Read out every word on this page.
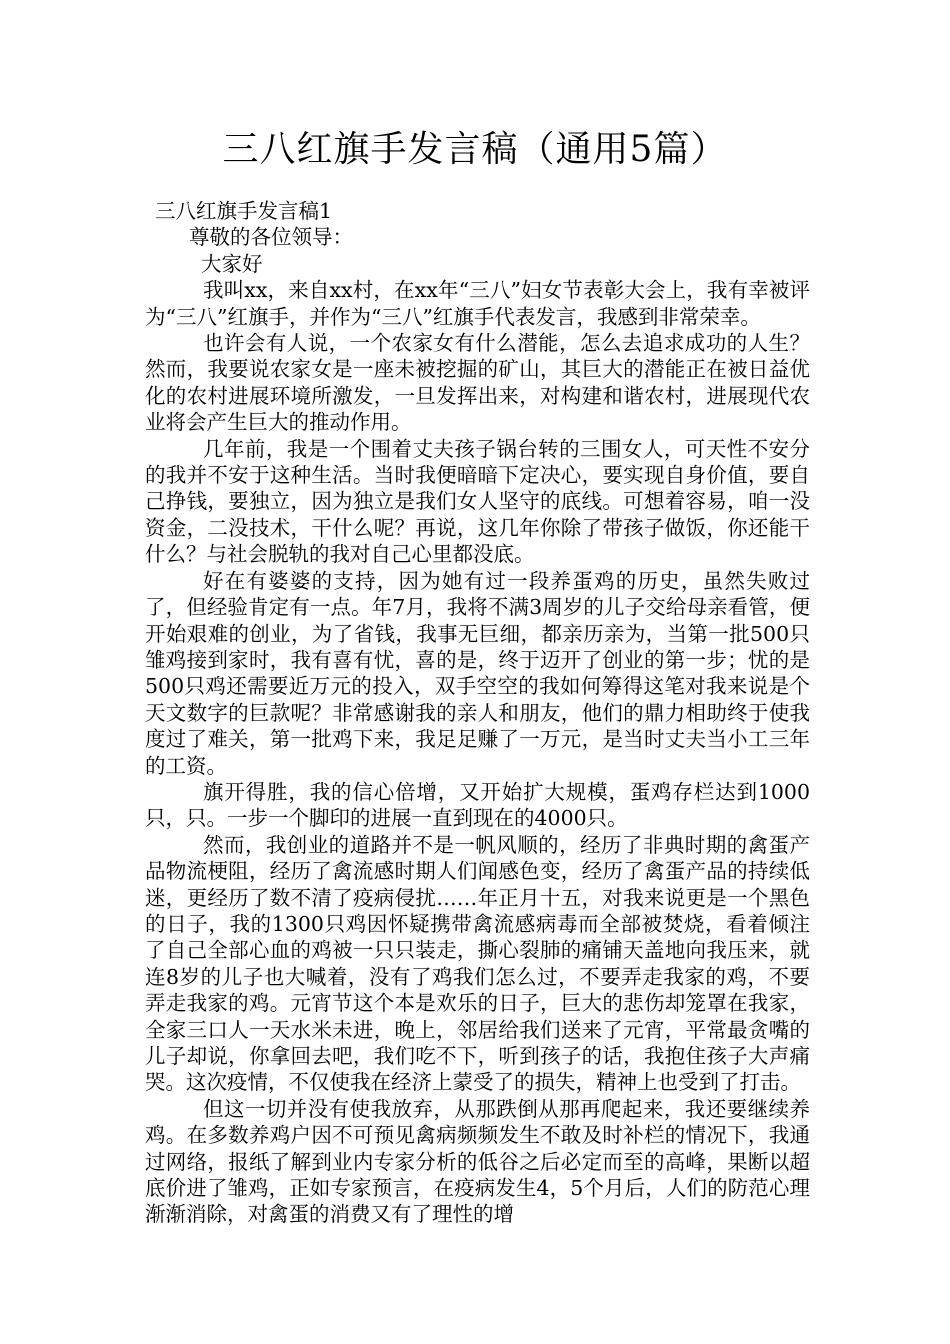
三八红旗手发言稿（通用5篇）

三八红旗手发言稿1

尊敬的各位领导：

大家好

我叫xx，来自xx村，在xx年“三八”妇女节表彰大会上，我有幸被评为“三八”红旗手，并作为“三八”红旗手代表发言，我感到非常荣幸。

也许会有人说，一个农家女有什么潜能，怎么去追求成功的人生？然而，我要说农家女是一座未被挖掘的矿山，其巨大的潜能正在被日益优化的农村进展环境所激发，一旦发挥出来，对构建和谐农村，进展现代农业将会产生巨大的推动作用。

几年前，我是一个围着丈夫孩子锅台转的三围女人，可天性不安分的我并不安于这种生活。当时我便暗暗下定决心，要实现自身价值，要自己挣钱，要独立，因为独立是我们女人坚守的底线。可想着容易，咱一没资金，二没技术，干什么呢？再说，这几年你除了带孩子做饭，你还能干什么？与社会脱轨的我对自己心里都没底。

好在有婆婆的支持，因为她有过一段养蛋鸡的历史，虽然失败过了，但经验肯定有一点。年7月，我将不满3周岁的儿子交给母亲看管，便开始艰难的创业，为了省钱，我事无巨细，都亲历亲为，当第一批500只雏鸡接到家时，我有喜有忧，喜的是，终于迈开了创业的第一步；忧的是500只鸡还需要近万元的投入，双手空空的我如何筹得这笔对我来说是个天文数字的巨款呢？非常感谢我的亲人和朋友，他们的鼎力相助终于使我度过了难关，第一批鸡下来，我足足赚了一万元，是当时丈夫当小工三年的工资。

旗开得胜，我的信心倍增，又开始扩大规模，蛋鸡存栏达到1000只，只。一步一个脚印的进展一直到现在的4000只。

然而，我创业的道路并不是一帆风顺的，经历了非典时期的禽蛋产品物流梗阻，经历了禽流感时期人们闻感色变，经历了禽蛋产品的持续低迷，更经历了数不清了疫病侵扰……年正月十五，对我来说更是一个黑色的日子，我的1300只鸡因怀疑携带禽流感病毒而全部被焚烧，看着倾注了自己全部心血的鸡被一只只装走，撕心裂肺的痛铺天盖地向我压来，就连8岁的儿子也大喊着，没有了鸡我们怎么过，不要弄走我家的鸡，不要弄走我家的鸡。元宵节这个本是欢乐的日子，巨大的悲伤却笼罩在我家，全家三口人一天水米未进，晚上，邻居给我们送来了元宵，平常最贪嘴的儿子却说，你拿回去吧，我们吃不下，听到孩子的话，我抱住孩子大声痛哭。这次疫情，不仅使我在经济上蒙受了的损失，精神上也受到了打击。

但这一切并没有使我放弃，从那跌倒从那再爬起来，我还要继续养鸡。在多数养鸡户因不可预见禽病频频发生不敢及时补栏的情况下，我通过网络，报纸了解到业内专家分析的低谷之后必定而至的高峰，果断以超底价进了雏鸡，正如专家预言，在疫病发生4，5个月后，人们的防范心理渐渐消除，对禽蛋的消费又有了理性的增
